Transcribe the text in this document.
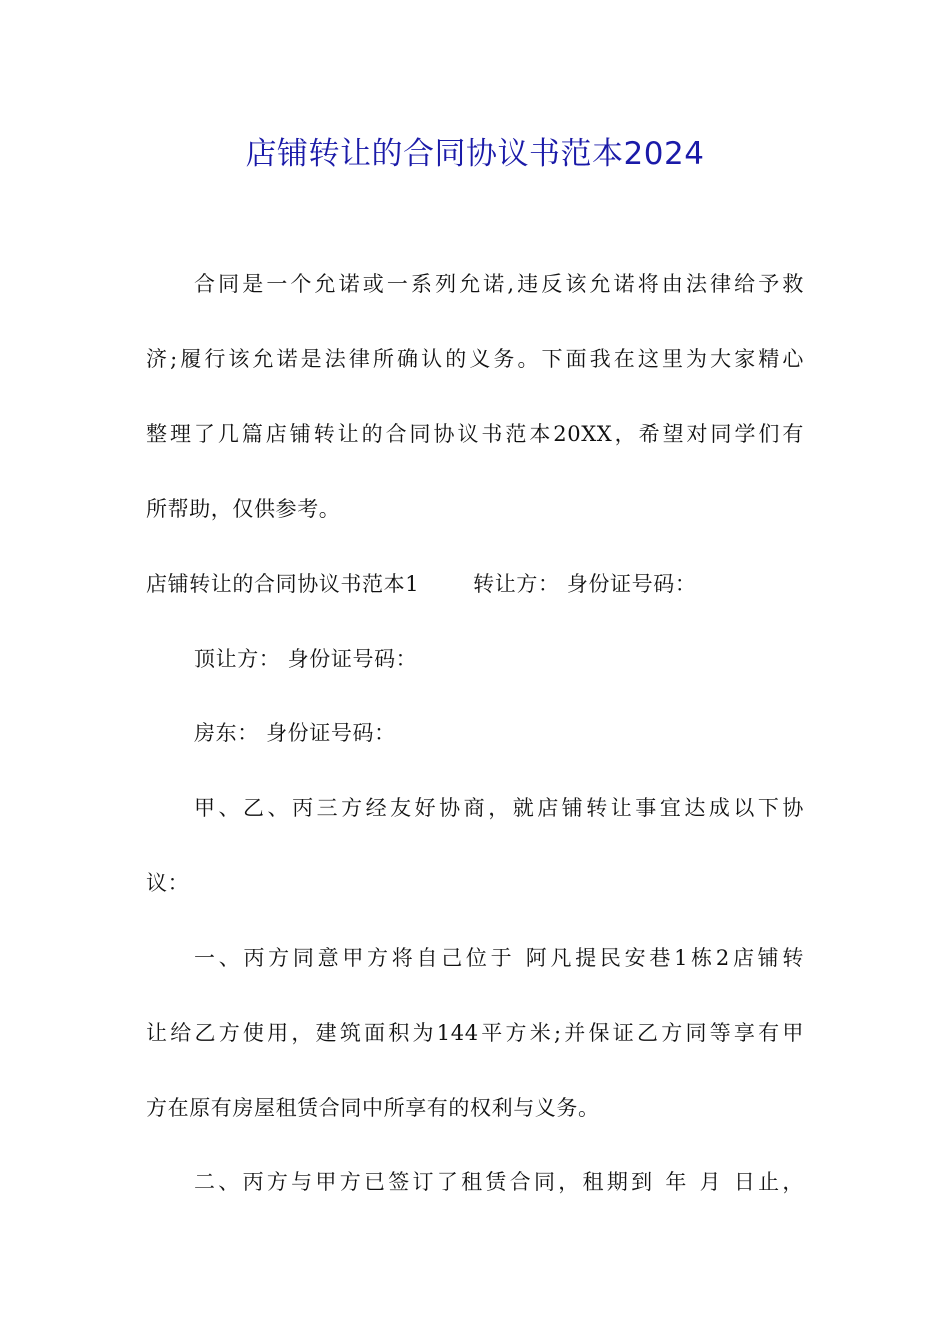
店铺转让的合同协议书范本2024
合同是一个允诺或一系列允诺,违反该允诺将由法律给予救
济;履行该允诺是法律所确认的义务。下面我在这里为大家精心
整理了几篇店铺转让的合同协议书范本20XX，希望对同学们有
所帮助，仅供参考。
店铺转让的合同协议书范本1	转让方： 身份证号码：
顶让方： 身份证号码：
房东： 身份证号码：
甲、乙、丙三方经友好协商，就店铺转让事宜达成以下协
议：
一、丙方同意甲方将自己位于 阿凡提民安巷1栋2店铺转
让给乙方使用，建筑面积为144平方米;并保证乙方同等享有甲
方在原有房屋租赁合同中所享有的权利与义务。
二、丙方与甲方已签订了租赁合同，租期到 年 月 日止，
